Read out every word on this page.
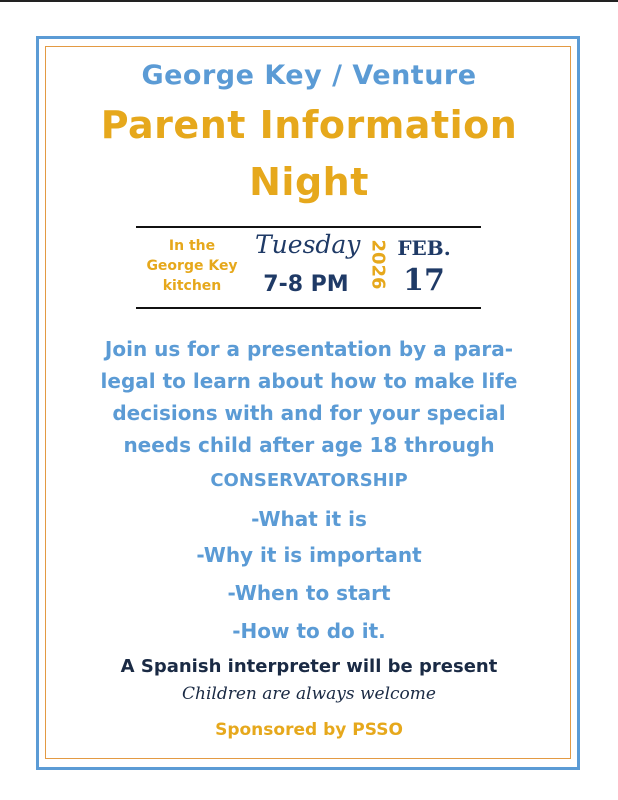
George Key / Venture
Parent Information
Night
In the
George Key
kitchen
Tuesday
7-8 PM	2026 FEB.
17
Join us for a presentation by a para-
legal to learn about how to make life
decisions with and for your special
needs child after age 18 through
CONSERVATORSHIP
-What it is
-Why it is important
-When to start
-How to do it.
A Spanish interpreter will be present
Children are always welcome
Sponsored by PSSO
